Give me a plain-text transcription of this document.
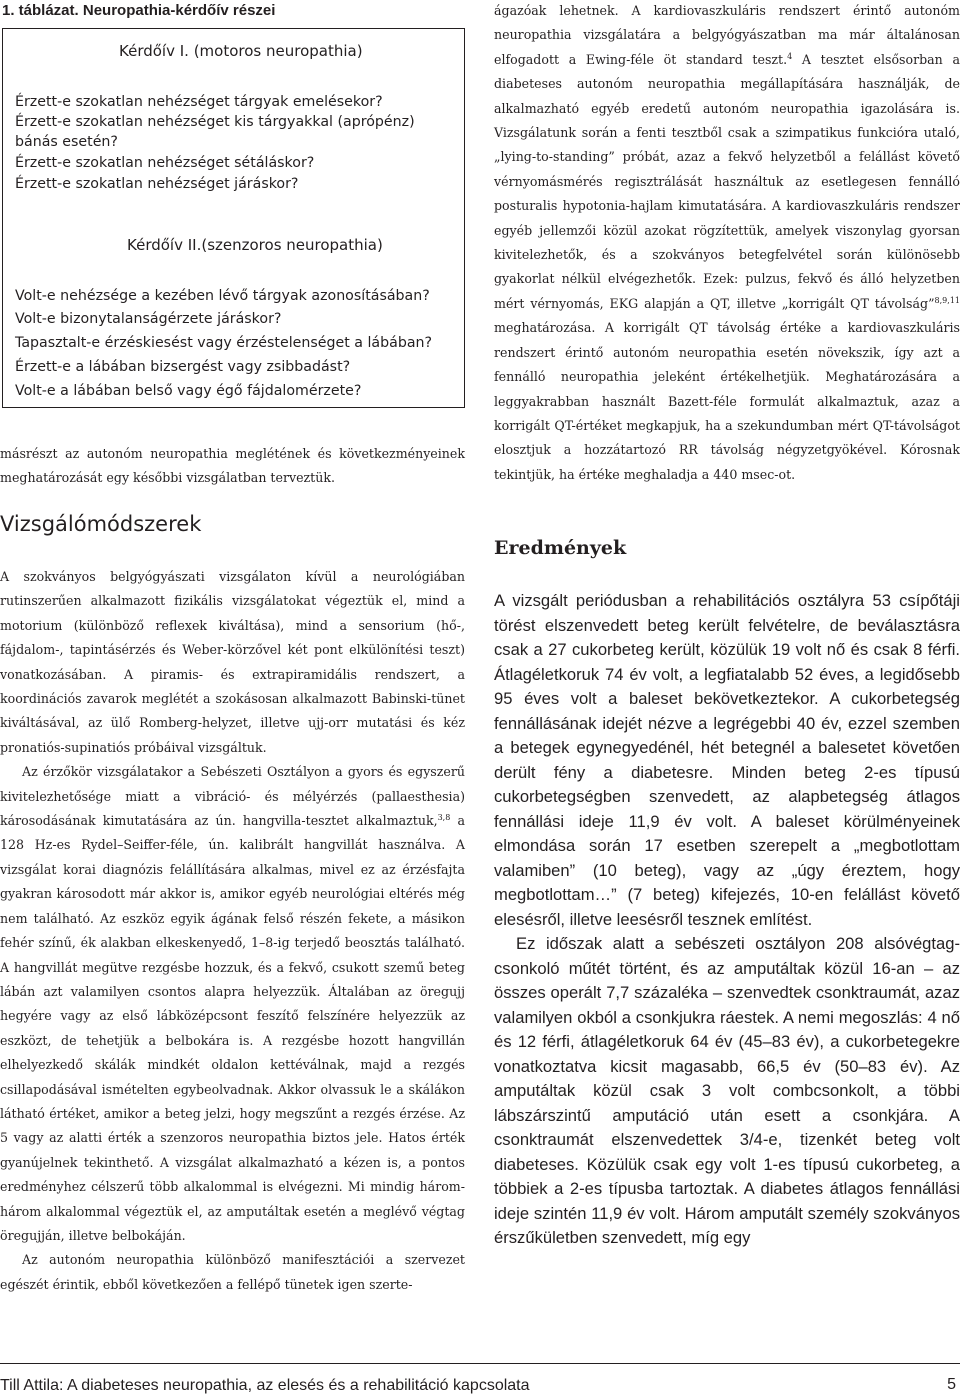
1. táblázat. Neuropathia-kérdőív részei
Kérdőív I. (motoros neuropathia)
Érzett-e szokatlan nehézséget tárgyak emelésekor?
Érzett-e szokatlan nehézséget kis tárgyakkal (aprópénz)
bánás esetén?
Érzett-e szokatlan nehézséget sétáláskor?
Érzett-e szokatlan nehézséget járáskor?
Kérdőív II.(szenzoros neuropathia)
Volt-e nehézsége a kezében lévő tárgyak azonosításában?
Volt-e bizonytalanságérzete járáskor?
Tapasztalt-e érzéskiesést vagy érzéstelenséget a lábában?
Érzett-e a lábában bizsergést vagy zsibbadást?
Volt-e a lábában belső vagy égő fájdalomérzete?

másrészt az autonóm neuropathia meglétének és következményeinek meghatározását egy későbbi vizsgálatban terveztük.

Vizsgálómódszerek

A szokványos belgyógyászati vizsgálaton kívül a neurológiában rutinszerűen alkalmazott fizikális vizsgálatokat végeztük el, mind a motorium (különböző reflexek kiváltása), mind a sensorium (hő-, fájdalom-, tapintásérzés és Weber-körzővel két pont elkülönítési teszt) vonatkozásában. A piramis- és extrapiramidális rendszert, a koordinációs zavarok meglétét a szokásosan alkalmazott Babinski-tünet kiváltásával, az ülő Romberg-helyzet, illetve ujj-orr mutatási és kéz pronatiós-supinatiós próbáival vizsgáltuk.

Az érzőkör vizsgálatakor a Sebészeti Osztályon a gyors és egyszerű kivitelezhetősége miatt a vibráció- és mélyérzés (pallaesthesia) károsodásának kimutatására az ún. hangvilla-tesztet alkalmaztuk,$^{3,8}$ a 128 Hz-es Rydel–Seiffer-féle, ún. kalibrált hangvillát használva. A vizsgálat korai diagnózis felállítására alkalmas, mivel ez az érzésfajta gyakran károsodott már akkor is, amikor egyéb neurológiai eltérés még nem található. Az eszköz egyik ágának felső részén fekete, a másikon fehér színű, ék alakban elkeskenyedő, 1–8-ig terjedő beosztás található. A hangvillát megütve rezgésbe hozzuk, és a fekvő, csukott szemű beteg lábán azt valamilyen csontos alapra helyezzük. Általában az öregujj hegyére vagy az első lábközépcsont feszítő felszínére helyezzük az eszközt, de tehetjük a belbokára is. A rezgésbe hozott hangvillán elhelyezkedő skálák mindkét oldalon kettéválnak, majd a rezgés csillapodásával ismételten egybeolvadnak. Akkor olvassuk le a skálákon látható értéket, amikor a beteg jelzi, hogy megszűnt a rezgés érzése. Az 5 vagy az alatti érték a szenzoros neuropathia biztos jele. Hatos érték gyanújelnek tekinthető. A vizsgálat alkalmazható a kézen is, a pontos eredményhez célszerű több alkalommal is elvégezni. Mi mindig három-három alkalommal végeztük el, az amputáltak esetén a meglévő végtag öregujján, illetve belbokáján.

Az autonóm neuropathia különböző manifesztációi a szervezet egészét érintik, ebből következően a fellépő tünetek igen szerte-

ágazóak lehetnek. A kardiovaszkuláris rendszert érintő autonóm neuropathia vizsgálatára a belgyógyászatban ma már általánosan elfogadott a Ewing-féle öt standard teszt.$^4$ A tesztet elsősorban a diabeteses autonóm neuropathia megállapítására használják, de alkalmazható egyéb eredetű autonóm neuropathia igazolására is. Vizsgálatunk során a fenti tesztből csak a szimpatikus funkcióra utaló, „lying-to-standing” próbát, azaz a fekvő helyzetből a felállást követő vérnyomásmérés regisztrálását használtuk az esetlegesen fennálló posturalis hypotonia-hajlam kimutatására. A kardiovaszkuláris rendszer egyéb jellemzői közül azokat rögzítettük, amelyek viszonylag gyorsan kivitelezhetők, és a szokványos betegfelvétel során különösebb gyakorlat nélkül elvégezhetők. Ezek: pulzus, fekvő és álló helyzetben mért vérnyomás, EKG alapján a QT, illetve „korrigált QT távolság”$^{8,9,11}$ meghatározása. A korrigált QT távolság értéke a kardiovaszkuláris rendszert érintő autonóm neuropathia esetén növekszik, így azt a fennálló neuropathia jeleként értékelhetjük. Meghatározására a leggyakrabban használt Bazett-féle formulát alkalmaztuk, azaz a korrigált QT-értéket megkapjuk, ha a szekundumban mért QT-távolságot elosztjuk a hozzátartozó RR távolság négyzetgyökével. Kórosnak tekintjük, ha értéke meghaladja a 440 msec-ot.

Eredmények

A vizsgált periódusban a rehabilitációs osztályra 53 csípőtáji törést elszenvedett beteg került felvételre, de beválasztásra csak a 27 cukorbeteg került, közülük 19 volt nő és csak 8 férfi. Átlagéletkoruk 74 év volt, a legfiatalabb 52 éves, a legidősebb 95 éves volt a baleset bekövetkeztekor. A cukorbetegség fennállásának idejét nézve a legrégebbi 40 év, ezzel szemben a betegek egynegyedénél, hét betegnél a balesetet követően derült fény a diabetesre. Minden beteg 2-es típusú cukorbetegségben szenvedett, az alapbetegség átlagos fennállási ideje 11,9 év volt. A baleset körülményeinek elmondása során 17 esetben szerepelt a „megbotlottam valamiben” (10 beteg), vagy az „úgy éreztem, hogy megbotlottam…” (7 beteg) kifejezés, 10-en felállást követő elesésről, illetve leesésről tesznek említést.

Ez időszak alatt a sebészeti osztályon 208 alsóvégtag-csonkoló műtét történt, és az amputáltak közül 16-an – az összes operált 7,7 százaléka – szenvedtek csonktraumát, azaz valamilyen okból a csonkjukra ráestek. A nemi megoszlás: 4 nő és 12 férfi, átlagéletkoruk 64 év (45–83 év), a cukorbetegekre vonatkoztatva kicsit magasabb, 66,5 év (50–83 év). Az amputáltak közül csak 3 volt combcsonkolt, a többi lábszárszintű amputáció után esett a csonkjára. A csonktraumát elszenvedettek 3/4-e, tizenkét beteg volt diabeteses. Közülük csak egy volt 1-es típusú cukorbeteg, a többiek a 2-es típusba tartoztak. A diabetes átlagos fennállási ideje szintén 11,9 év volt. Három amputált személy szokványos érszűkületben szenvedett, míg egy

Till Attila: A diabeteses neuropathia, az elesés és a rehabilitáció kapcsolata	5
